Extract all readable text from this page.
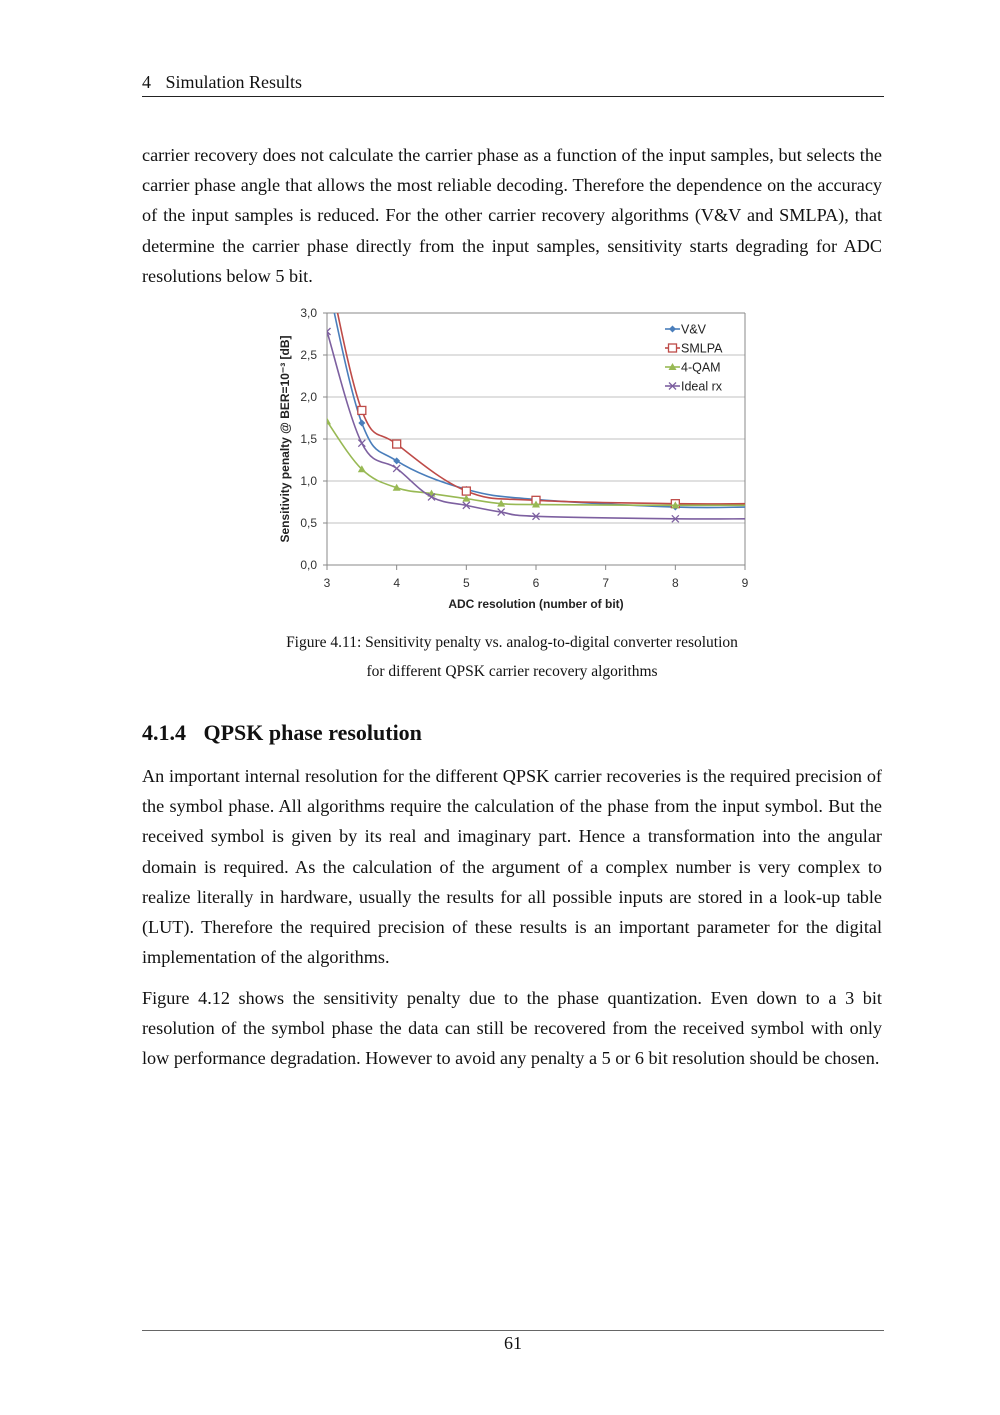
4 Simulation Results

carrier recovery does not calculate the carrier phase as a function of the input samples, but selects the carrier phase angle that allows the most reliable decoding. Therefore the dependence on the accuracy of the input samples is reduced. For the other carrier recovery algorithms (V&V and SMLPA), that determine the carrier phase directly from the input samples, sensitivity starts degrading for ADC resolutions below 5 bit.

0,0
0,5
1,0
1,5
2,0
2,5
3,0
3	4	5	6	7	8	9
ADC resolution (number of bit)
Sensitivity penalty @ BER=10⁻³ [dB]
V&V
SMLPA
4-QAM
Ideal rx
Figure 4.11: Sensitivity penalty vs. analog-to-digital converter resolution
for different QPSK carrier recovery algorithms
4.1.4 QPSK phase resolution

An important internal resolution for the different QPSK carrier recoveries is the required precision of the symbol phase. All algorithms require the calculation of the phase from the input symbol. But the received symbol is given by its real and imaginary part. Hence a transformation into the angular domain is required. As the calculation of the argument of a complex number is very complex to realize literally in hardware, usually the results for all possible inputs are stored in a look-up table (LUT). Therefore the required precision of these results is an important parameter for the digital implementation of the algorithms.

Figure 4.12 shows the sensitivity penalty due to the phase quantization. Even down to a 3 bit resolution of the symbol phase the data can still be recovered from the received symbol with only low performance degradation. However to avoid any penalty a 5 or 6 bit resolution should be chosen.

61
